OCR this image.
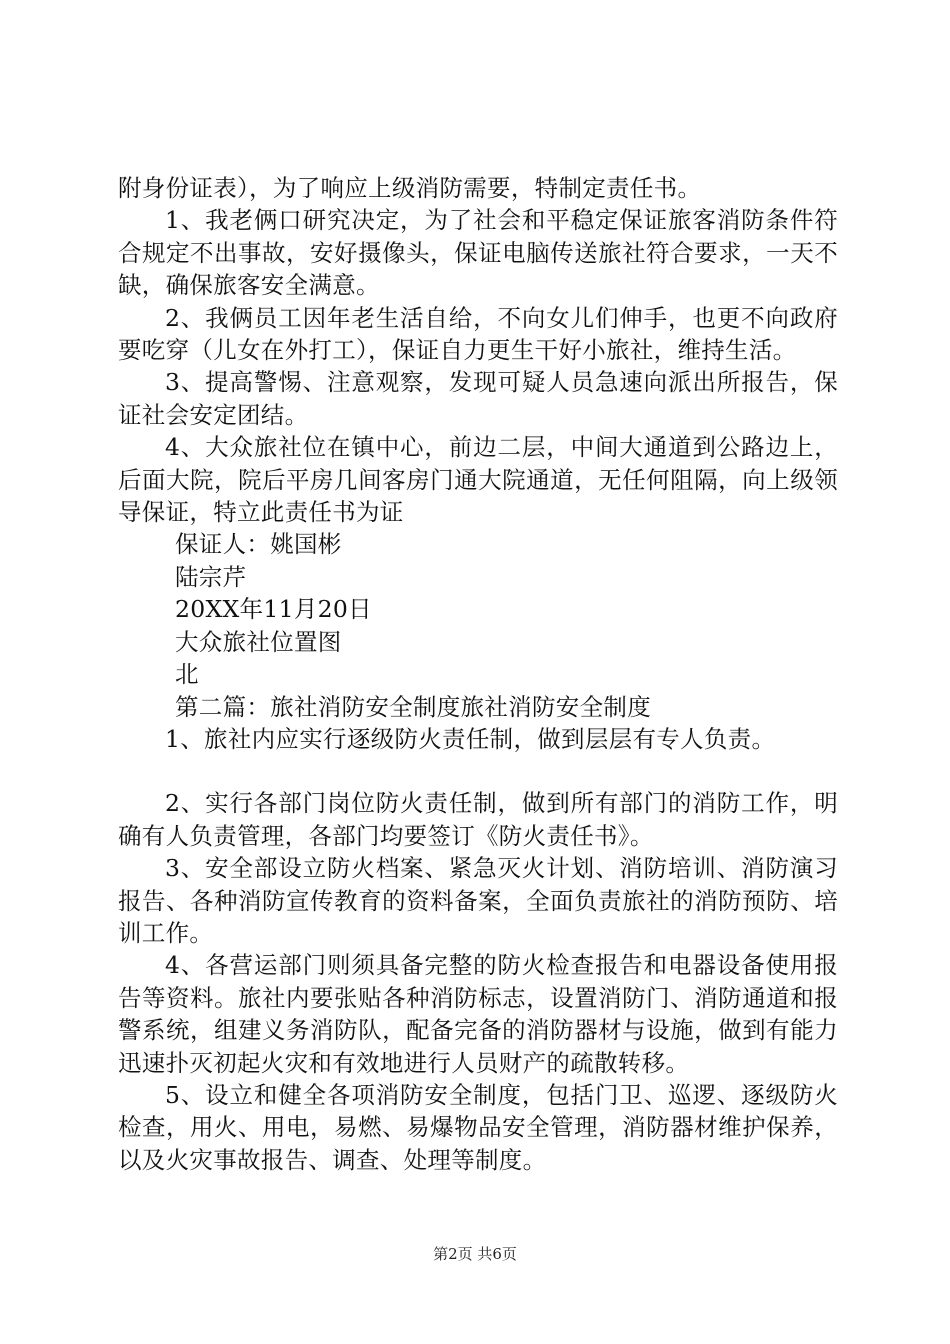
附身份证表），为了响应上级消防需要，特制定责任书。

1、我老俩口研究决定，为了社会和平稳定保证旅客消防条件符合规定不出事故，安好摄像头，保证电脑传送旅社符合要求，一天不缺，确保旅客安全满意。

2、我俩员工因年老生活自给，不向女儿们伸手，也更不向政府要吃穿（儿女在外打工），保证自力更生干好小旅社，维持生活。

3、提高警惕、注意观察，发现可疑人员急速向派出所报告，保证社会安定团结。

4、大众旅社位在镇中心，前边二层，中间大通道到公路边上，后面大院，院后平房几间客房门通大院通道，无任何阻隔，向上级领导保证，特立此责任书为证

保证人：姚国彬

陆宗芹

20XX年11月20日

大众旅社位置图

北

第二篇：旅社消防安全制度旅社消防安全制度

1、旅社内应实行逐级防火责任制，做到层层有专人负责。

2、实行各部门岗位防火责任制，做到所有部门的消防工作，明确有人负责管理，各部门均要签订《防火责任书》。

3、安全部设立防火档案、紧急灭火计划、消防培训、消防演习报告、各种消防宣传教育的资料备案，全面负责旅社的消防预防、培训工作。

4、各营运部门则须具备完整的防火检查报告和电器设备使用报告等资料。旅社内要张贴各种消防标志，设置消防门、消防通道和报警系统，组建义务消防队，配备完备的消防器材与设施，做到有能力迅速扑灭初起火灾和有效地进行人员财产的疏散转移。

5、设立和健全各项消防安全制度，包括门卫、巡逻、逐级防火检查，用火、用电，易燃、易爆物品安全管理，消防器材维护保养，以及火灾事故报告、调查、处理等制度。

第2页 共6页
